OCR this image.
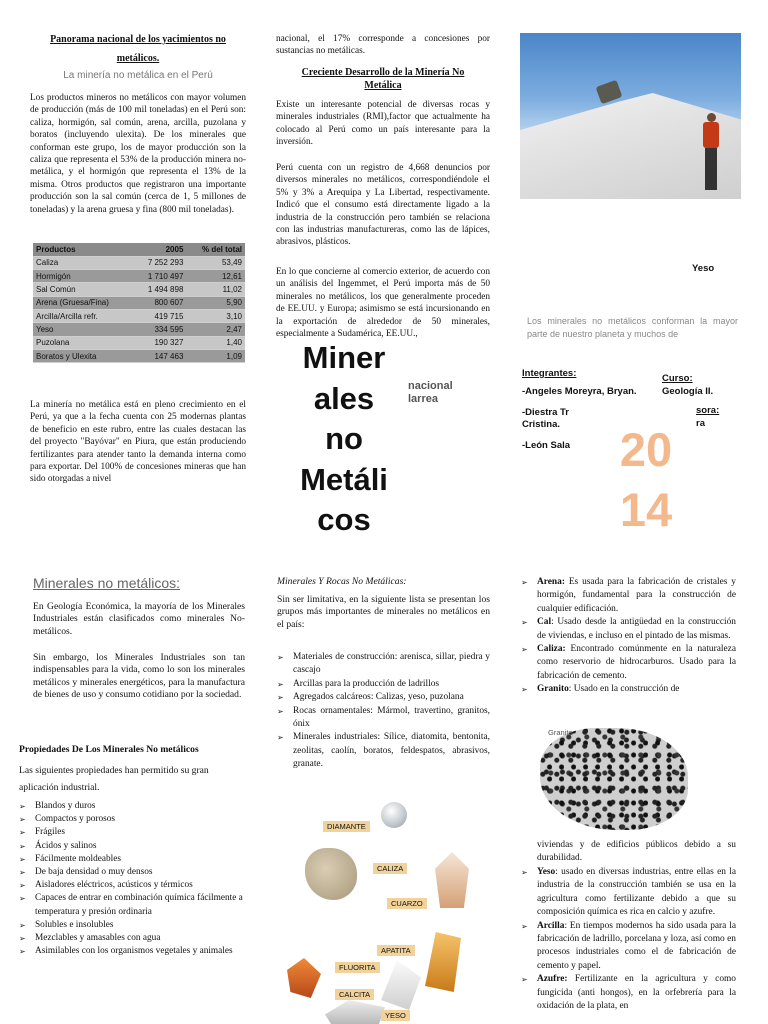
Panorama nacional de los yacimientos no
metálicos.
La minería no metálica en el Perú

Los productos mineros no metálicos con mayor volumen de producción (más de 100 mil toneladas) en el Perú son: caliza, hormigón, sal común, arena, arcilla, puzolana y boratos (incluyendo ulexita). De los minerales que conforman este grupo, los de mayor producción son la caliza que representa el 53% de la producción minera no-metálica, y el hormigón que representa el 13% de la misma. Otros productos que registraron una importante producción son la sal común (cerca de 1, 5 millones de toneladas) y la arena gruesa y fina (800 mil toneladas).

Productos	2005	% del total
Caliza	7 252 293	53,49
Hormigón	1 710 497	12,61
Sal Común	1 494 898	11,02
Arena (Gruesa/Fina)	800 607	5,90
Arcilla/Arcilla refr.	419 715	3,10
Yeso	334 595	2,47
Puzolana	190 327	1,40
Boratos y Ulexita	147 463	1,09

La minería no metálica está en pleno crecimiento en el Perú, ya que a la fecha cuenta con 25 modernas plantas de beneficio en este rubro, entre las cuales destacan las del proyecto "Bayóvar" en Piura, que están produciendo fertilizantes para atender tanto la demanda interna como para exportar. Del 100% de concesiones mineras que han sido otorgadas a nivel

nacional, el 17% corresponde a concesiones por sustancias no metálicas.

Creciente Desarrollo de la Minería No Metálica

Existe un interesante potencial de diversas rocas y minerales industriales (RMI),factor que actualmente ha colocado al Perú como un país interesante para la inversión.

Perú cuenta con un registro de 4,668 denuncios por diversos minerales no metálicos, correspondiéndole el 5% y 3% a Arequipa y La Libertad, respectivamente. Indicó que el consumo está directamente ligado a la industria de la construcción pero también se relaciona con las industrias manufactureras, como las de lápices, abrasivos, plásticos.

En lo que concierne al comercio exterior, de acuerdo con un análisis del Ingemmet, el Perú importa más de 50 minerales no metálicos, los que generalmente proceden de EE.UU. y Europa; asimismo se está incursionando en la exportación de alrededor de 50 minerales, especialmente a Sudamérica, EE.UU.,

Miner
ales
no
Metáli
cos
nacional
larrea
Yeso

Los minerales no metálicos conforman la mayor parte de nuestro planeta y muchos de

Integrantes:
-Angeles Moreyra, Bryan.
-Diestra Tr
Cristina.
-León Sala
Curso:
Geología II.
sora:
ra
20
14
Minerales no metálicos:

En Geología Económica, la mayoría de los Minerales Industriales están clasificados como minerales No-metálicos.

Sin embargo, los Minerales Industriales son tan indispensables para la vida, como lo son los minerales metálicos y minerales energéticos, para la manufactura de bienes de uso y consumo cotidiano por la sociedad.

Propiedades De Los Minerales No metálicos

Las siguientes propiedades han permitido su gran aplicación industrial.

➢ Blandos y duros
➢ Compactos y porosos
➢ Frágiles
➢ Ácidos y salinos
➢ Fácilmente moldeables
➢ De baja densidad o muy densos
➢ Aisladores eléctricos, acústicos y térmicos
➢ Capaces de entrar en combinación química fácilmente a temperatura y presión ordinaria
➢ Solubles e insolubles
➢ Mezclables y amasables con agua
➢ Asimilables con los organismos vegetales y animales
Minerales Y Rocas No Metálicas:

Sin ser limitativa, en la siguiente lista se presentan los grupos más importantes de minerales no metálicos en el país:

➢ Materiales de construcción: arenisca, sillar, piedra y cascajo
➢ Arcillas para la producción de ladrillos
➢ Agregados calcáreos: Calizas, yeso, puzolana
➢ Rocas ornamentales: Mármol, travertino, granitos, ónix
➢ Minerales industriales: Sílice, diatomita, bentonita, zeolitas, caolín, boratos, feldespatos, abrasivos, granate.
DIAMANTE
CALIZA
CUARZO
APATITA
FLUORITA
CALCITA
YESO
➢ Arena: Es usada para la fabricación de cristales y hormigón, fundamental para la construcción de cualquier edificación.
➢ Cal: Usado desde la antigüedad en la construcción de viviendas, e incluso en el pintado de las mismas.
➢ Caliza: Encontrado comúnmente en la naturaleza como reservorio de hidrocarburos. Usado para la fabricación de cemento.
➢ Granito: Usado en la construcción de
Granito

viviendas y de edificios públicos debido a su durabilidad.

➢ Yeso: usado en diversas industrias, entre ellas en la industria de la construcción también se usa en la agricultura como fertilizante debido a que su composición química es rica en calcio y azufre.
➢ Arcilla: En tiempos modernos ha sido usada para la fabricación de ladrillo, porcelana y loza, así como en procesos industriales como el de fabricación de cemento y papel.
➢ Azufre: Fertilizante en la agricultura y como fungicida (anti hongos), en la orfebrería para la oxidación de la plata, en
